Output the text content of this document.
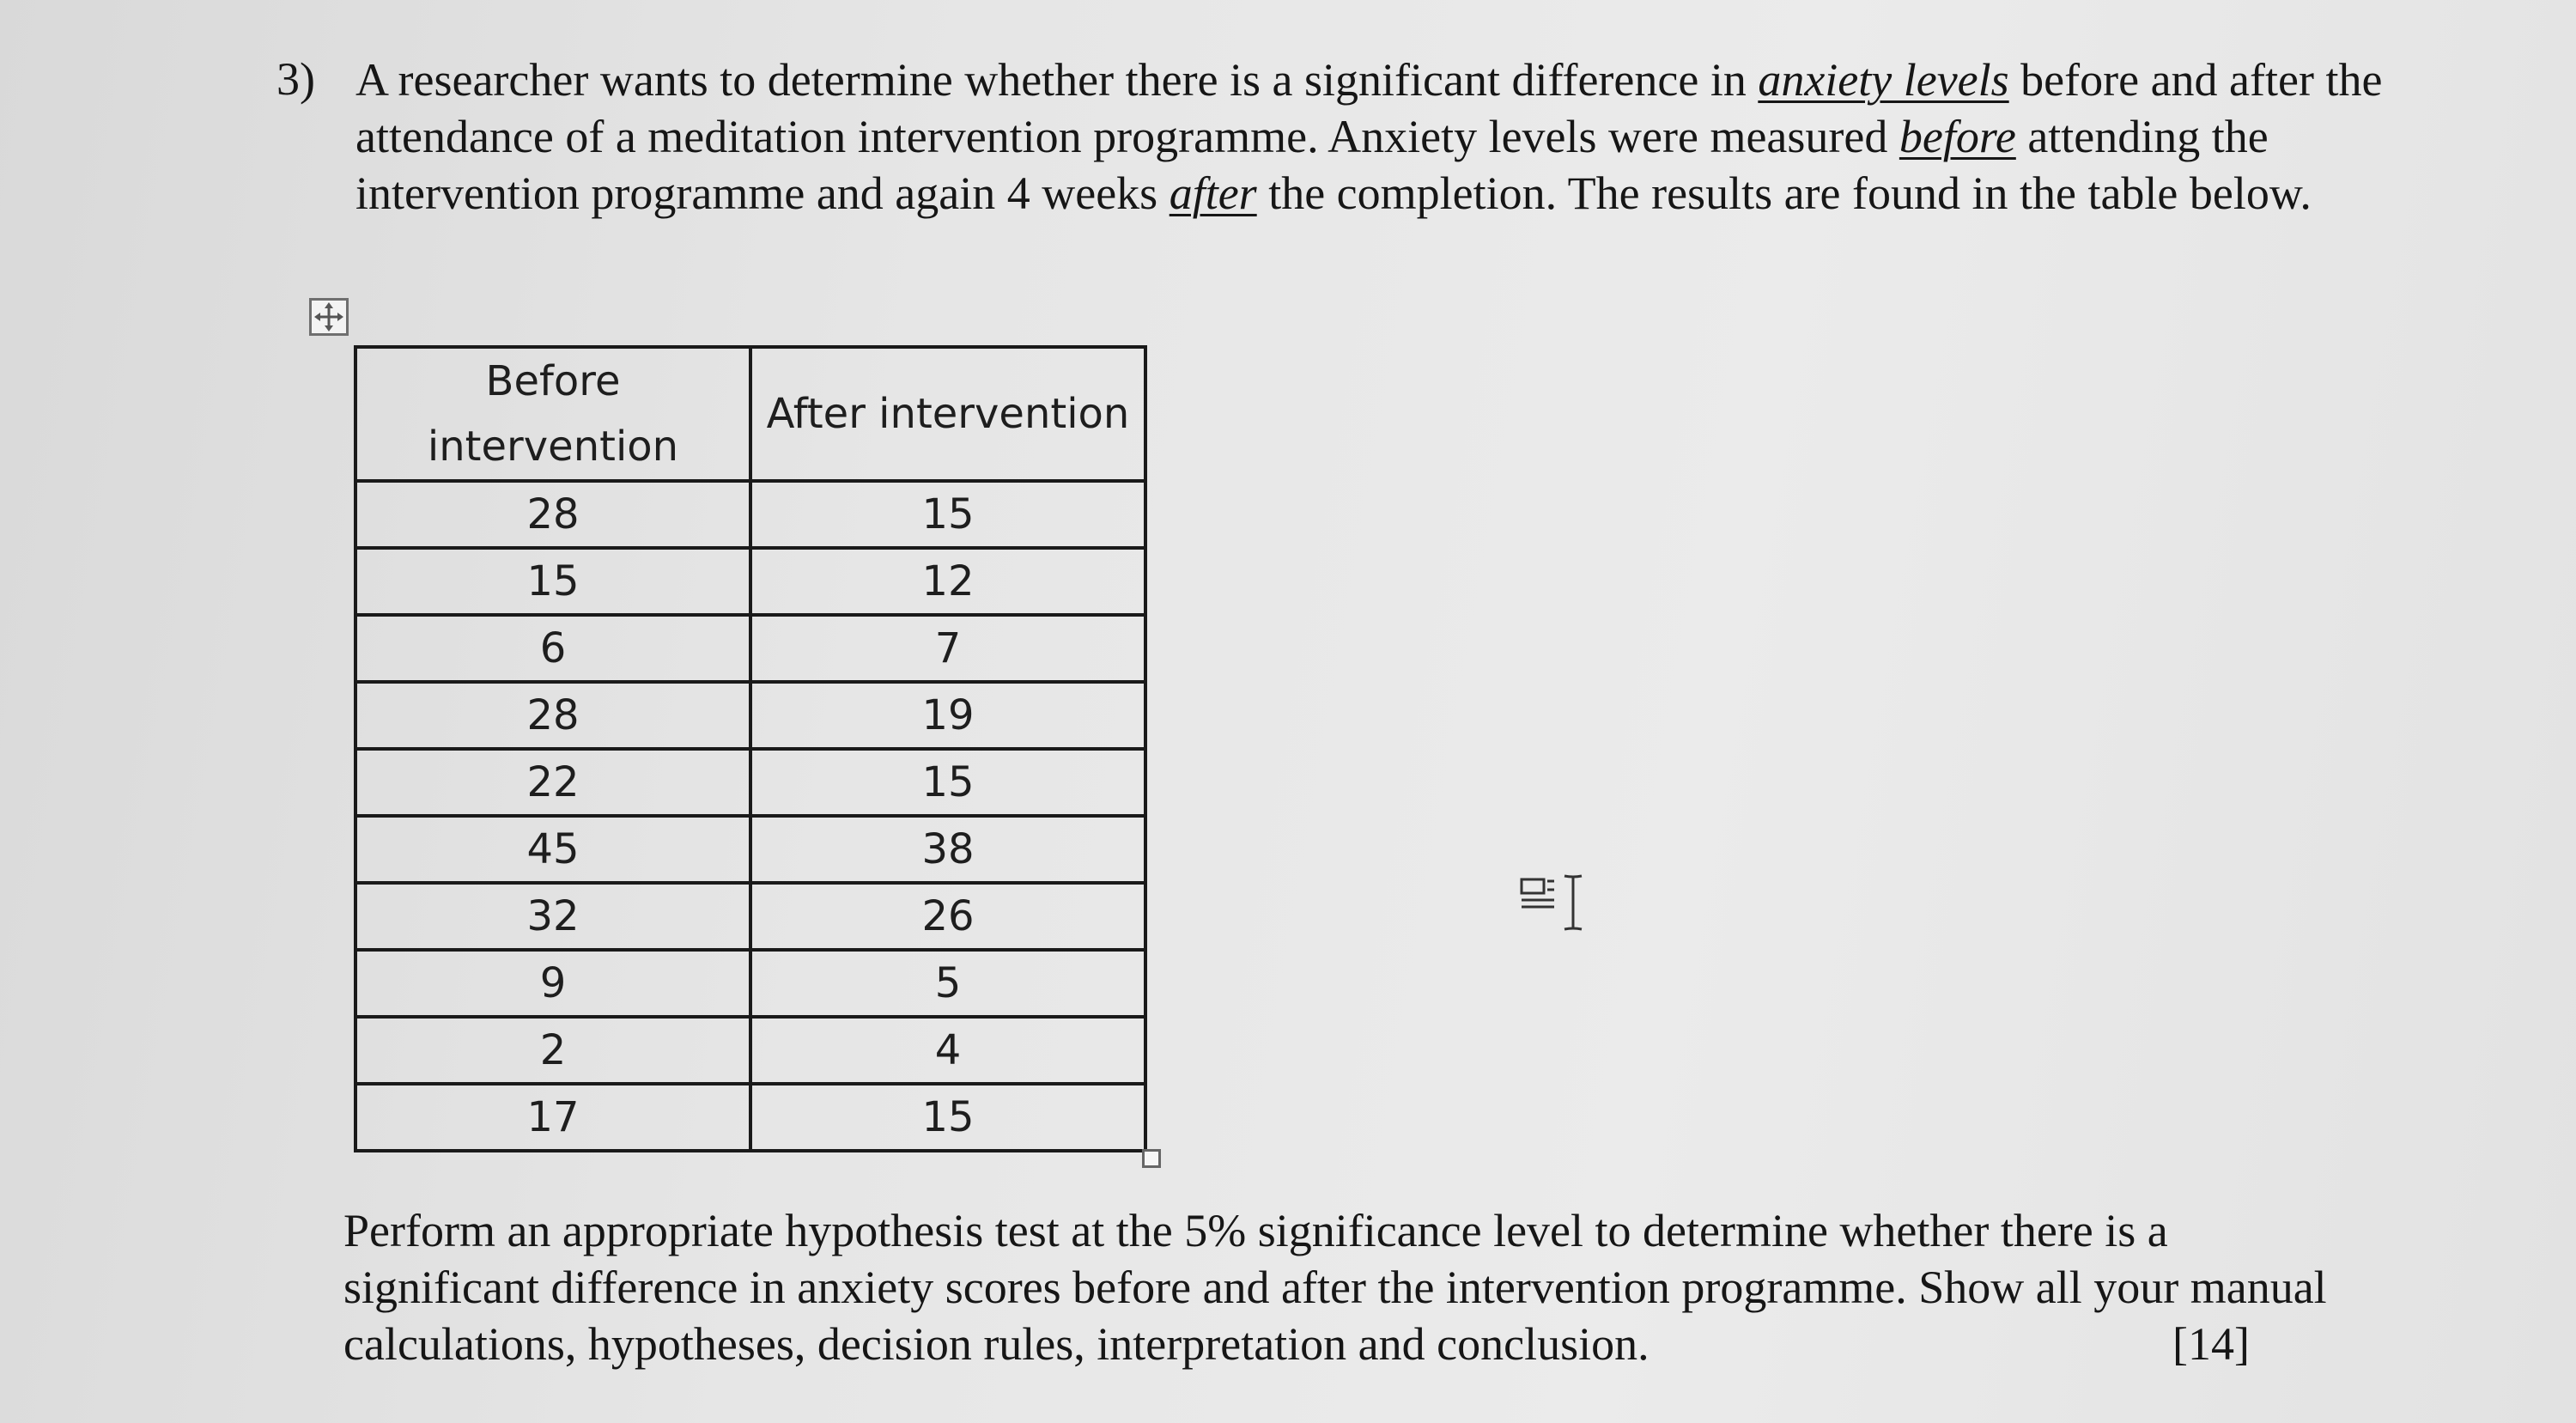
3) A researcher wants to determine whether there is a significant difference in anxiety levels before and after the attendance of a meditation intervention programme. Anxiety levels were measured before attending the intervention programme and again 4 weeks after the completion. The results are found in the table below.
Before intervention	After intervention
28	15
15	12
6	7
28	19
22	15
45	38
32	26
9	5
2	4
17	15
Perform an appropriate hypothesis test at the 5% significance level to determine whether there is a significant difference in anxiety scores before and after the intervention programme. Show all your manual calculations, hypotheses, decision rules, interpretation and conclusion.	[14]
